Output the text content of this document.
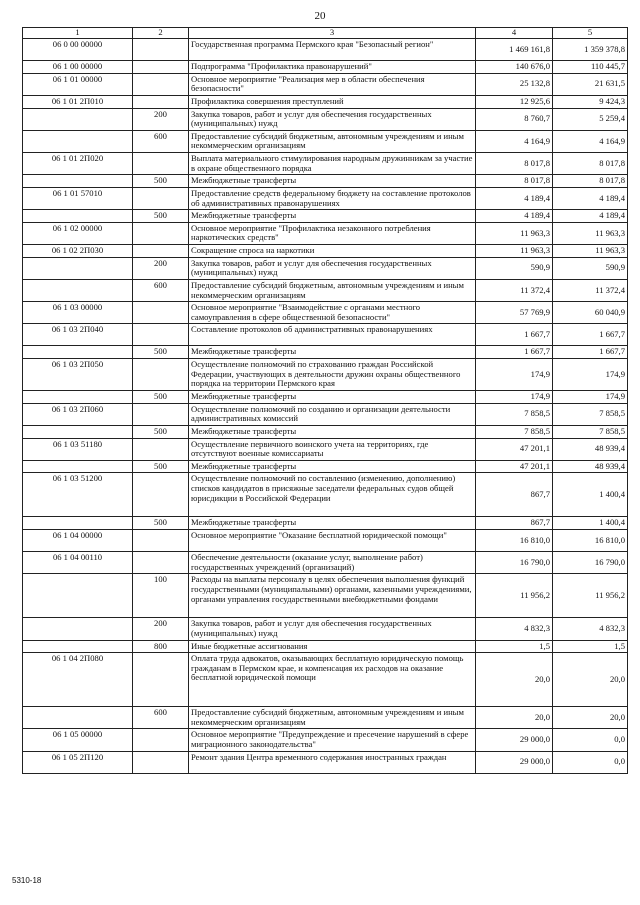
20
1	2	3	4	5
06 0 00 00000		Государственная программа Пермского края "Безопасный регион"	1 469 161,8	1 359 378,8
06 1 00 00000		Подпрограмма "Профилактика правонарушений"	140 676,0	110 445,7
06 1 01 00000		Основное мероприятие "Реализация мер в области обеспечения безопасности"	25 132,8	21 631,5
06 1 01 2П010		Профилактика совершения преступлений	12 925,6	9 424,3
	200	Закупка товаров, работ и услуг для обеспечения государственных (муниципальных) нужд	8 760,7	5 259,4
	600	Предоставление субсидий бюджетным, автономным учреждениям и иным некоммерческим организациям	4 164,9	4 164,9
06 1 01 2П020		Выплата материального стимулирования народным дружинникам за участие в охране общественного порядка	8 017,8	8 017,8
	500	Межбюджетные трансферты	8 017,8	8 017,8
06 1 01 57010		Предоставление средств федеральному бюджету на составление протоколов об административных правонарушениях	4 189,4	4 189,4
	500	Межбюджетные трансферты	4 189,4	4 189,4
06 1 02 00000		Основное мероприятие "Профилактика незаконного потребления наркотических средств"	11 963,3	11 963,3
06 1 02 2П030		Сокращение спроса на наркотики	11 963,3	11 963,3
	200	Закупка товаров, работ и услуг для обеспечения государственных (муниципальных) нужд	590,9	590,9
	600	Предоставление субсидий бюджетным, автономным учреждениям и иным некоммерческим организациям	11 372,4	11 372,4
06 1 03 00000		Основное мероприятие "Взаимодействие с органами местного самоуправления в сфере общественной безопасности"	57 769,9	60 040,9
06 1 03 2П040		Составление протоколов об административных правонарушениях	1 667,7	1 667,7
	500	Межбюджетные трансферты	1 667,7	1 667,7
06 1 03 2П050		Осуществление полномочий по страхованию граждан Российской Федерации, участвующих в деятельности дружин охраны общественного порядка на территории Пермского края	174,9	174,9
	500	Межбюджетные трансферты	174,9	174,9
06 1 03 2П060		Осуществление полномочий по созданию и организации деятельности административных комиссий	7 858,5	7 858,5
	500	Межбюджетные трансферты	7 858,5	7 858,5
06 1 03 51180		Осуществление первичного воинского учета на территориях, где отсутствуют военные комиссариаты	47 201,1	48 939,4
	500	Межбюджетные трансферты	47 201,1	48 939,4
06 1 03 51200		Осуществление полномочий по составлению (изменению, дополнению) списков кандидатов в присяжные заседатели федеральных судов общей юрисдикции в Российской Федерации	867,7	1 400,4
	500	Межбюджетные трансферты	867,7	1 400,4
06 1 04 00000		Основное мероприятие "Оказание бесплатной юридической помощи"	16 810,0	16 810,0
06 1 04 00110		Обеспечение деятельности (оказание услуг, выполнение работ) государственных учреждений (организаций)	16 790,0	16 790,0
	100	Расходы на выплаты персоналу в целях обеспечения выполнения функций государственными (муниципальными) органами, казенными учреждениями, органами управления государственными внебюджетными фондами	11 956,2	11 956,2
	200	Закупка товаров, работ и услуг для обеспечения государственных (муниципальных) нужд	4 832,3	4 832,3
	800	Иные бюджетные ассигнования	1,5	1,5
06 1 04 2П080		Оплата труда адвокатов, оказывающих бесплатную юридическую помощь гражданам в Пермском крае, и компенсация их расходов на оказание бесплатной юридической помощи	20,0	20,0
	600	Предоставление субсидий бюджетным, автономным учреждениям и иным некоммерческим организациям	20,0	20,0
06 1 05 00000		Основное мероприятие "Предупреждение и пресечение нарушений в сфере миграционного законодательства"	29 000,0	0,0
06 1 05 2П120		Ремонт здания Центра временного содержания иностранных граждан	29 000,0	0,0
5310-18
